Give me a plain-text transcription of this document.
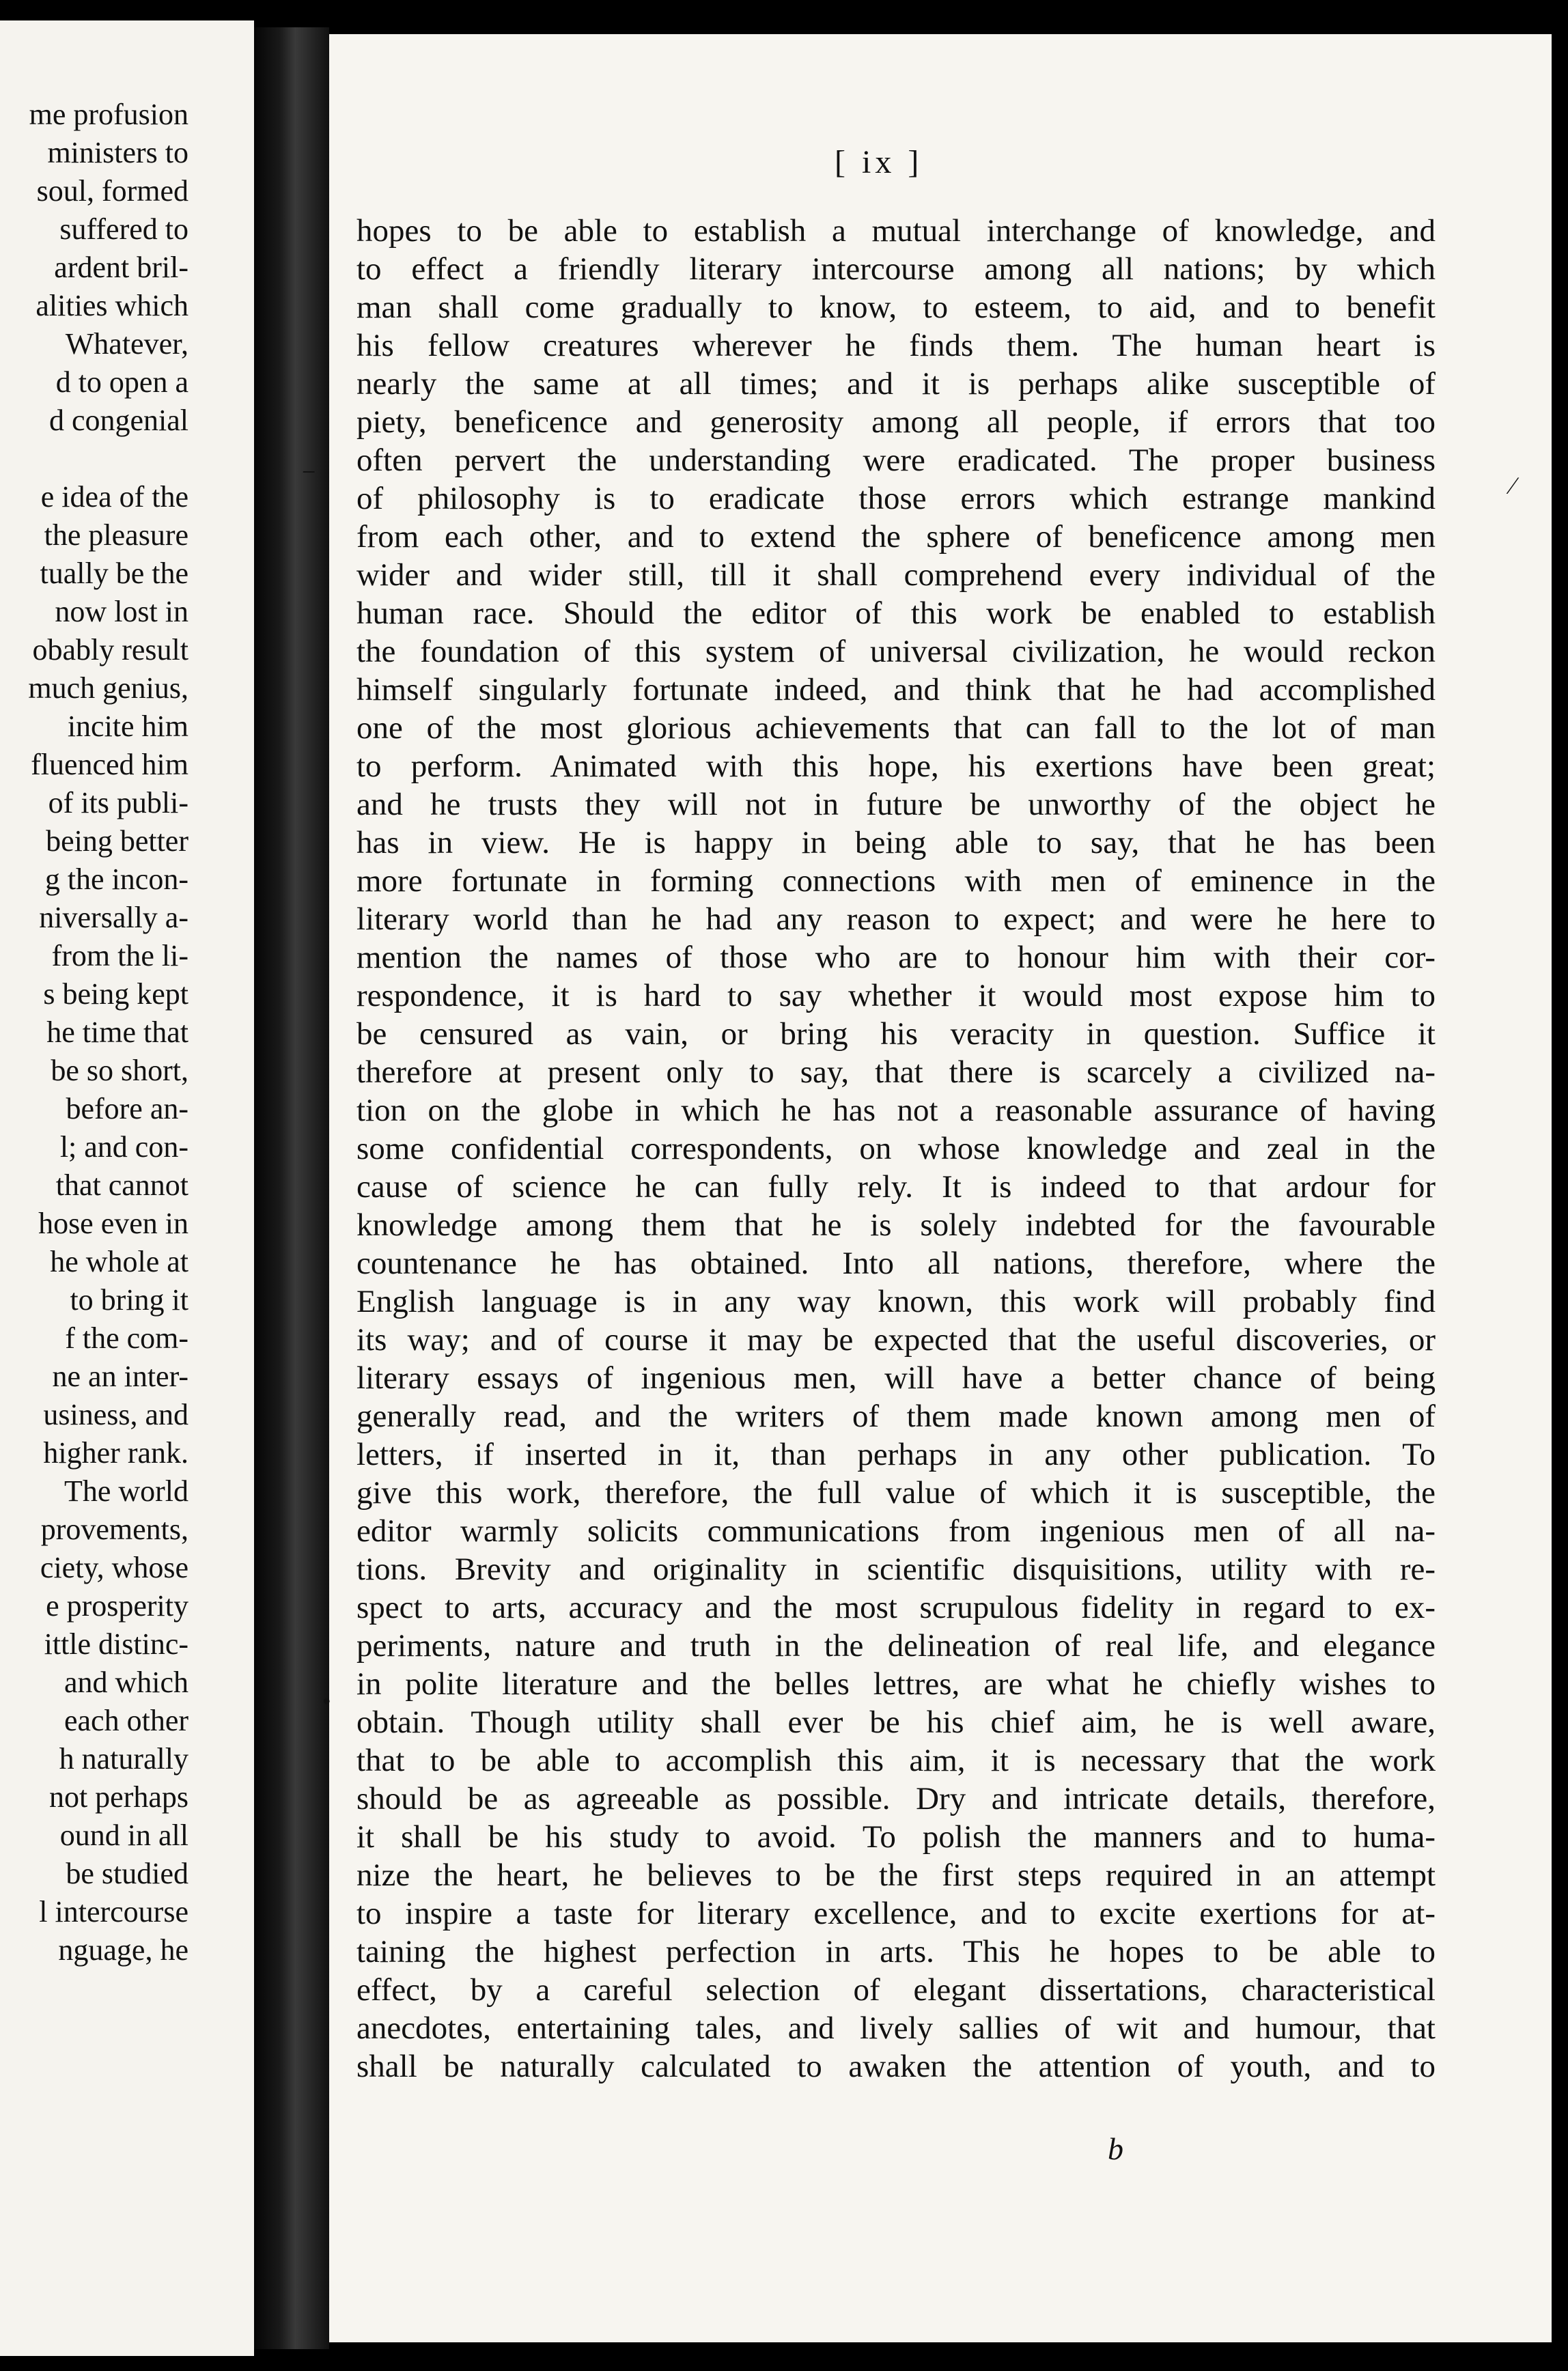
me profusion
ministers to
soul, formed
suffered to
ardent bril-
alities which
Whatever,
d to open a
d congenial
e idea of the
the pleasure
tually be the
now lost in
obably result
much genius,
incite him
fluenced him
of its publi-
being better
g the incon-
niversally a-
from the li-
s being kept
he time that
be so short,
before an-
l; and con-
that cannot
hose even in
he whole at
to bring it
f the com-
ne an inter-
usiness, and
higher rank.
The world
provements,
ciety, whose
e prosperity
ittle distinc-
and which
each other
h naturally
not perhaps
ound in all
be studied
l intercourse
nguage, he
[ ix ]
−	∕
•
hopes to be able to establish a mutual interchange of knowledge, and
to effect a friendly literary intercourse among all nations; by which
man shall come gradually to know, to esteem, to aid, and to benefit
his fellow creatures wherever he finds them. The human heart is
nearly the same at all times; and it is perhaps alike susceptible of
piety, beneficence and generosity among all people, if errors that too
often pervert the understanding were eradicated. The proper business
of philosophy is to eradicate those errors which estrange mankind
from each other, and to extend the sphere of beneficence among men
wider and wider still, till it shall comprehend every individual of the
human race. Should the editor of this work be enabled to establish
the foundation of this system of universal civilization, he would reckon
himself singularly fortunate indeed, and think that he had accomplished
one of the most glorious achievements that can fall to the lot of man
to perform. Animated with this hope, his exertions have been great;
and he trusts they will not in future be unworthy of the object he
has in view. He is happy in being able to say, that he has been
more fortunate in forming connections with men of eminence in the
literary world than he had any reason to expect; and were he here to
mention the names of those who are to honour him with their cor-
respondence, it is hard to say whether it would most expose him to
be censured as vain, or bring his veracity in question. Suffice it
therefore at present only to say, that there is scarcely a civilized na-
tion on the globe in which he has not a reasonable assurance of having
some confidential correspondents, on whose knowledge and zeal in the
cause of science he can fully rely. It is indeed to that ardour for
knowledge among them that he is solely indebted for the favourable
countenance he has obtained. Into all nations, therefore, where the
English language is in any way known, this work will probably find
its way; and of course it may be expected that the useful discoveries, or
literary essays of ingenious men, will have a better chance of being
generally read, and the writers of them made known among men of
letters, if inserted in it, than perhaps in any other publication. To
give this work, therefore, the full value of which it is susceptible, the
editor warmly solicits communications from ingenious men of all na-
tions. Brevity and originality in scientific disquisitions, utility with re-
spect to arts, accuracy and the most scrupulous fidelity in regard to ex-
periments, nature and truth in the delineation of real life, and elegance
in polite literature and the belles lettres, are what he chiefly wishes to
obtain. Though utility shall ever be his chief aim, he is well aware,
that to be able to accomplish this aim, it is necessary that the work
should be as agreeable as possible. Dry and intricate details, therefore,
it shall be his study to avoid. To polish the manners and to huma-
nize the heart, he believes to be the first steps required in an attempt
to inspire a taste for literary excellence, and to excite exertions for at-
taining the highest perfection in arts. This he hopes to be able to
effect, by a careful selection of elegant dissertations, characteristical
anecdotes, entertaining tales, and lively sallies of wit and humour, that
shall be naturally calculated to awaken the attention of youth, and to
b
